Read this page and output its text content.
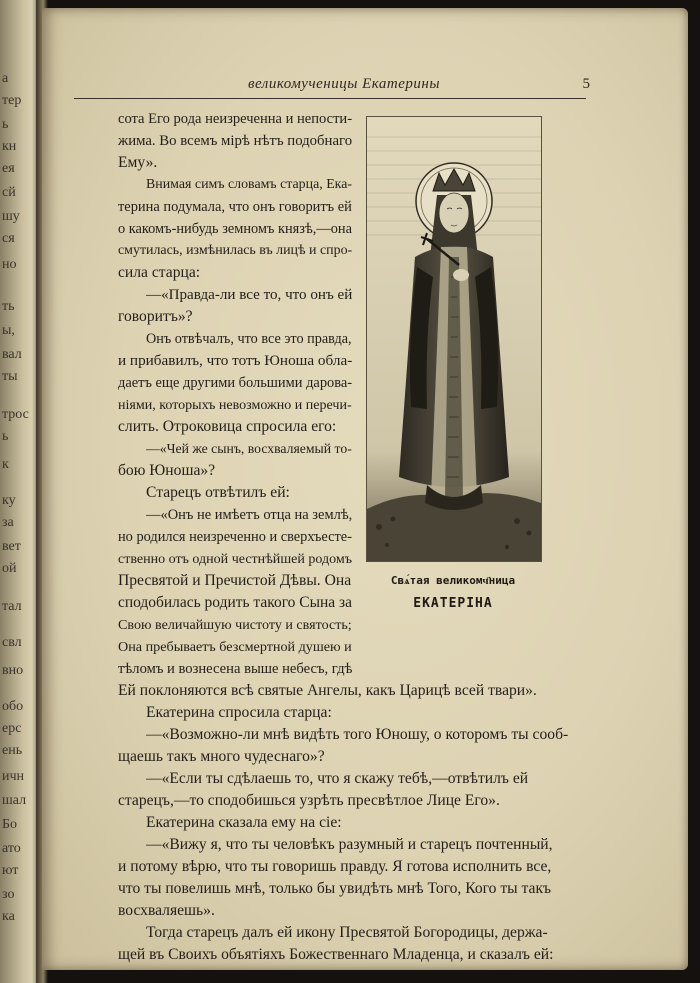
а
тер
ь
кн
ея
сй
шу
ся
но
ть
ы,
вал
ты
трос
ь
к
ку
за
вет
ой
тал
свл
вно
обо
ерс
ень
ичн
шал
Бо
ато
ют
зо
ка
великомученицы Екатерины	5
сота Его рода неизреченна и непости-
жима. Во всемъ мірѣ нѣтъ подобнаго
Ему».
Внимая симъ словамъ старца, Ека-
терина подумала, что онъ говоритъ ей
о какомъ-нибудь земномъ князѣ,—она
смутилась, измѣнилась въ лицѣ и спро-
сила старца:
—«Правда-ли все то, что онъ ей
говоритъ»?
Онъ отвѣчалъ, что все это правда,
и прибавилъ, что тотъ Юноша обла-
даетъ еще другими большими дарова-
ніями, которыхъ невозможно и перечи-
слить. Отроковица спросила его:
—«Чей же сынъ, восхваляемый то-
бою Юноша»?
Старецъ отвѣтилъ ей:
—«Онъ не имѣетъ отца на землѣ,
но родился неизреченно и сверхъесте-
ственно отъ одной честнѣйшей родомъ
Пресвятой и Пречистой Дѣвы. Она
сподобилась родить такого Сына за
Свою величайшую чистоту и святость;
Она пребываетъ безсмертной душею и
тѣломъ и вознесена выше небесъ, гдѣ
Ей поклоняются всѣ святые Ангелы, какъ Царицѣ всей твари».
Екатерина спросила старца:
—«Возможно-ли мнѣ видѣть того Юношу, о которомъ ты сооб-
щаешь такъ много чудеснаго»?
—«Если ты сдѣлаешь то, что я скажу тебѣ,—отвѣтилъ ей
старецъ,—то сподобишься узрѣть пресвѣтлое Лице Его».
Екатерина сказала ему на сіе:
—«Вижу я, что ты человѣкъ разумный и старецъ почтенный,
и потому вѣрю, что ты говоришь правду. Я готова исполнить все,
что ты повелишь мнѣ, только бы увидѣть мнѣ Того, Кого ты такъ
восхваляешь».
Тогда старецъ далъ ей икону Пресвятой Богородицы, держа-
щей въ Своихъ объятіяхъ Божественнаго Младенца, и сказалъ ей:
Свѧ́тая великомч҃ница
ЕКАТЕРІНА
